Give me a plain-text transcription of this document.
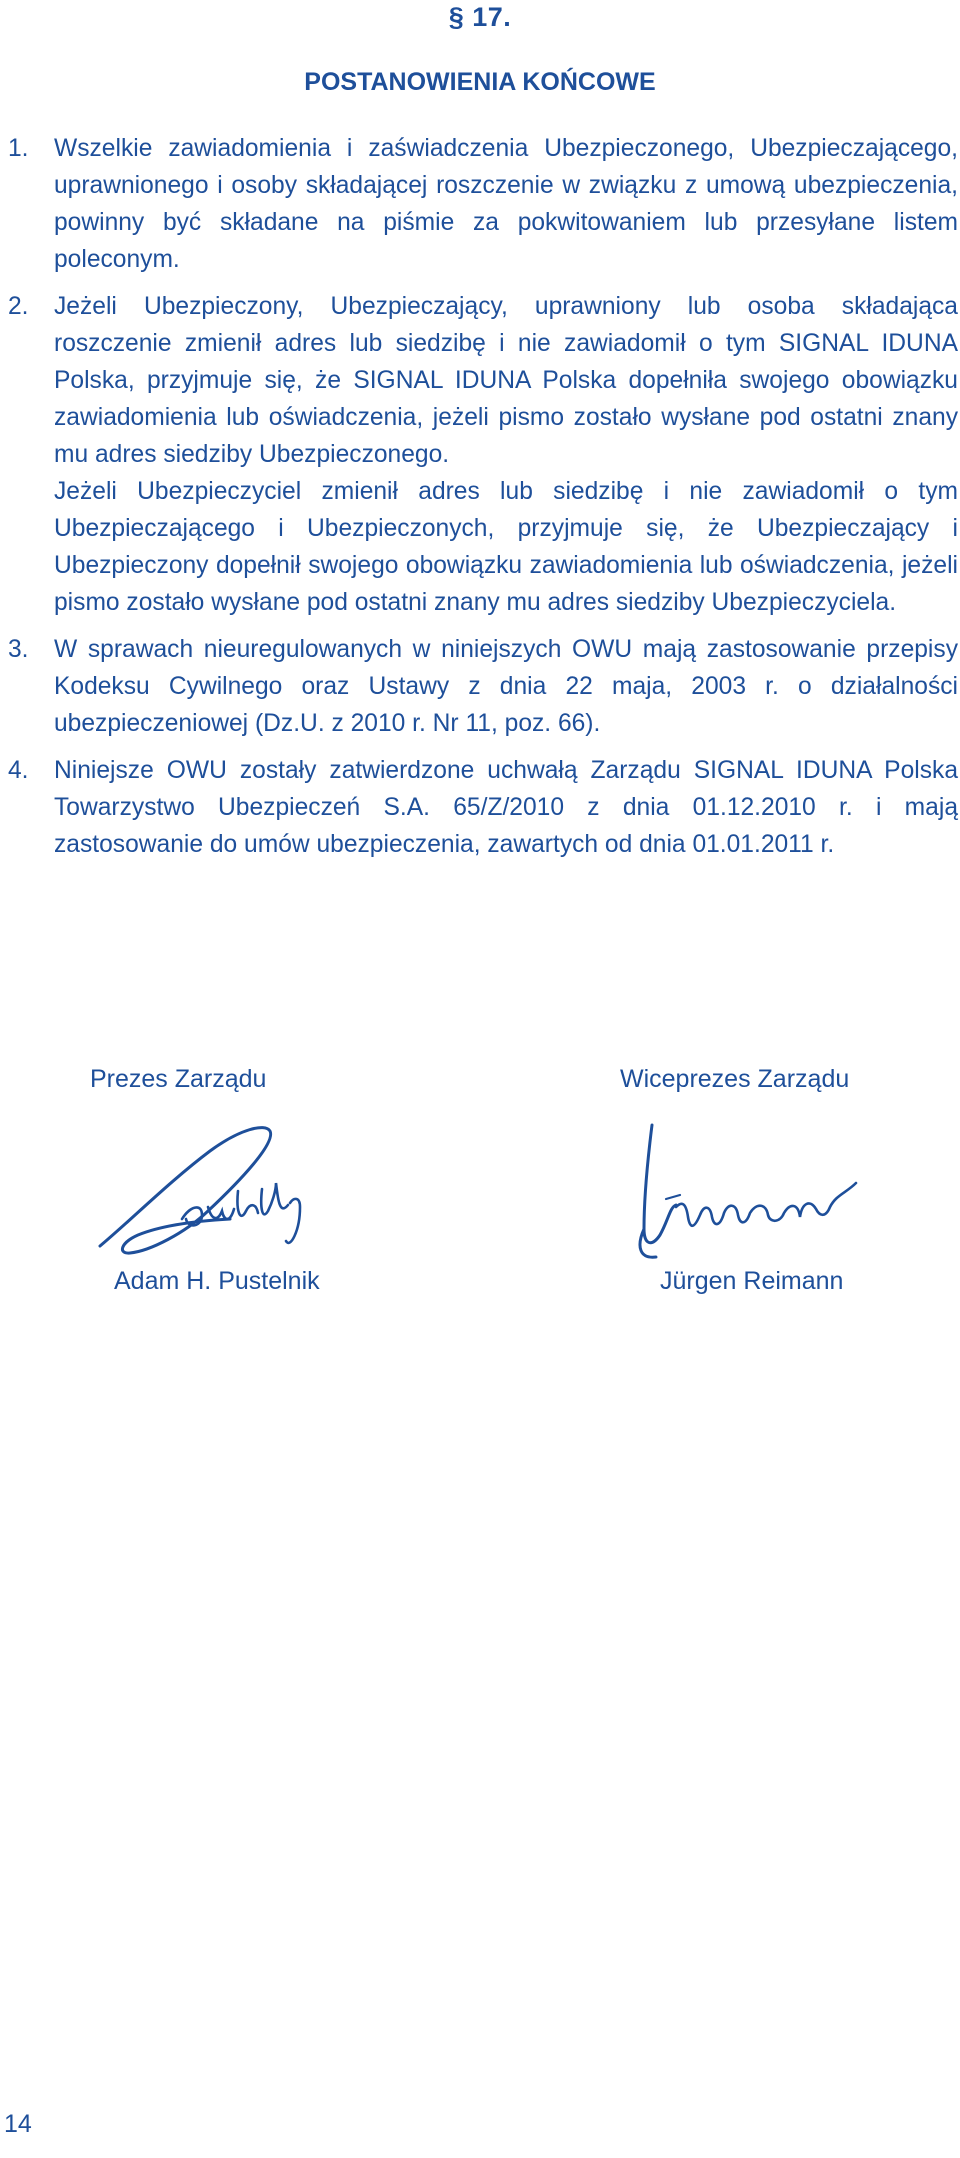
§ 17.
POSTANOWIENIA KOŃCOWE
1. Wszelkie zawiadomienia i zaświadczenia Ubezpieczonego, Ubezpieczającego, uprawnionego i osoby składającej roszczenie w związku z umową ubezpieczenia, powinny być składane na piśmie za pokwitowaniem lub przesyłane listem poleconym.
2. Jeżeli Ubezpieczony, Ubezpieczający, uprawniony lub osoba składająca roszczenie zmienił adres lub siedzibę i nie zawiadomił o tym SIGNAL IDUNA Polska, przyjmuje się, że SIGNAL IDUNA Polska dopełniła swojego obowiązku zawiadomienia lub oświadczenia, jeżeli pismo zostało wysłane pod ostatni znany mu adres siedziby Ubezpieczonego.
Jeżeli Ubezpieczyciel zmienił adres lub siedzibę i nie zawiadomił o tym Ubezpieczającego i Ubezpieczonych, przyjmuje się, że Ubezpieczający i Ubezpieczony dopełnił swojego obowiązku zawiadomienia lub oświadczenia, jeżeli pismo zostało wysłane pod ostatni znany mu adres siedziby Ubezpieczyciela.
3. W sprawach nieuregulowanych w niniejszych OWU mają zastosowanie przepisy Kodeksu Cywilnego oraz Ustawy z dnia 22 maja, 2003 r. o działalności ubezpieczeniowej (Dz.U. z 2010 r. Nr 11, poz. 66).
4. Niniejsze OWU zostały zatwierdzone uchwałą Zarządu SIGNAL IDUNA Polska Towarzystwo Ubezpieczeń S.A. 65/Z/2010 z dnia 01.12.2010 r. i mają zastosowanie do umów ubezpieczenia, zawartych od dnia 01.01.2011 r.
Prezes Zarządu
Adam H. Pustelnik
Wiceprezes Zarządu
Jürgen Reimann
14
